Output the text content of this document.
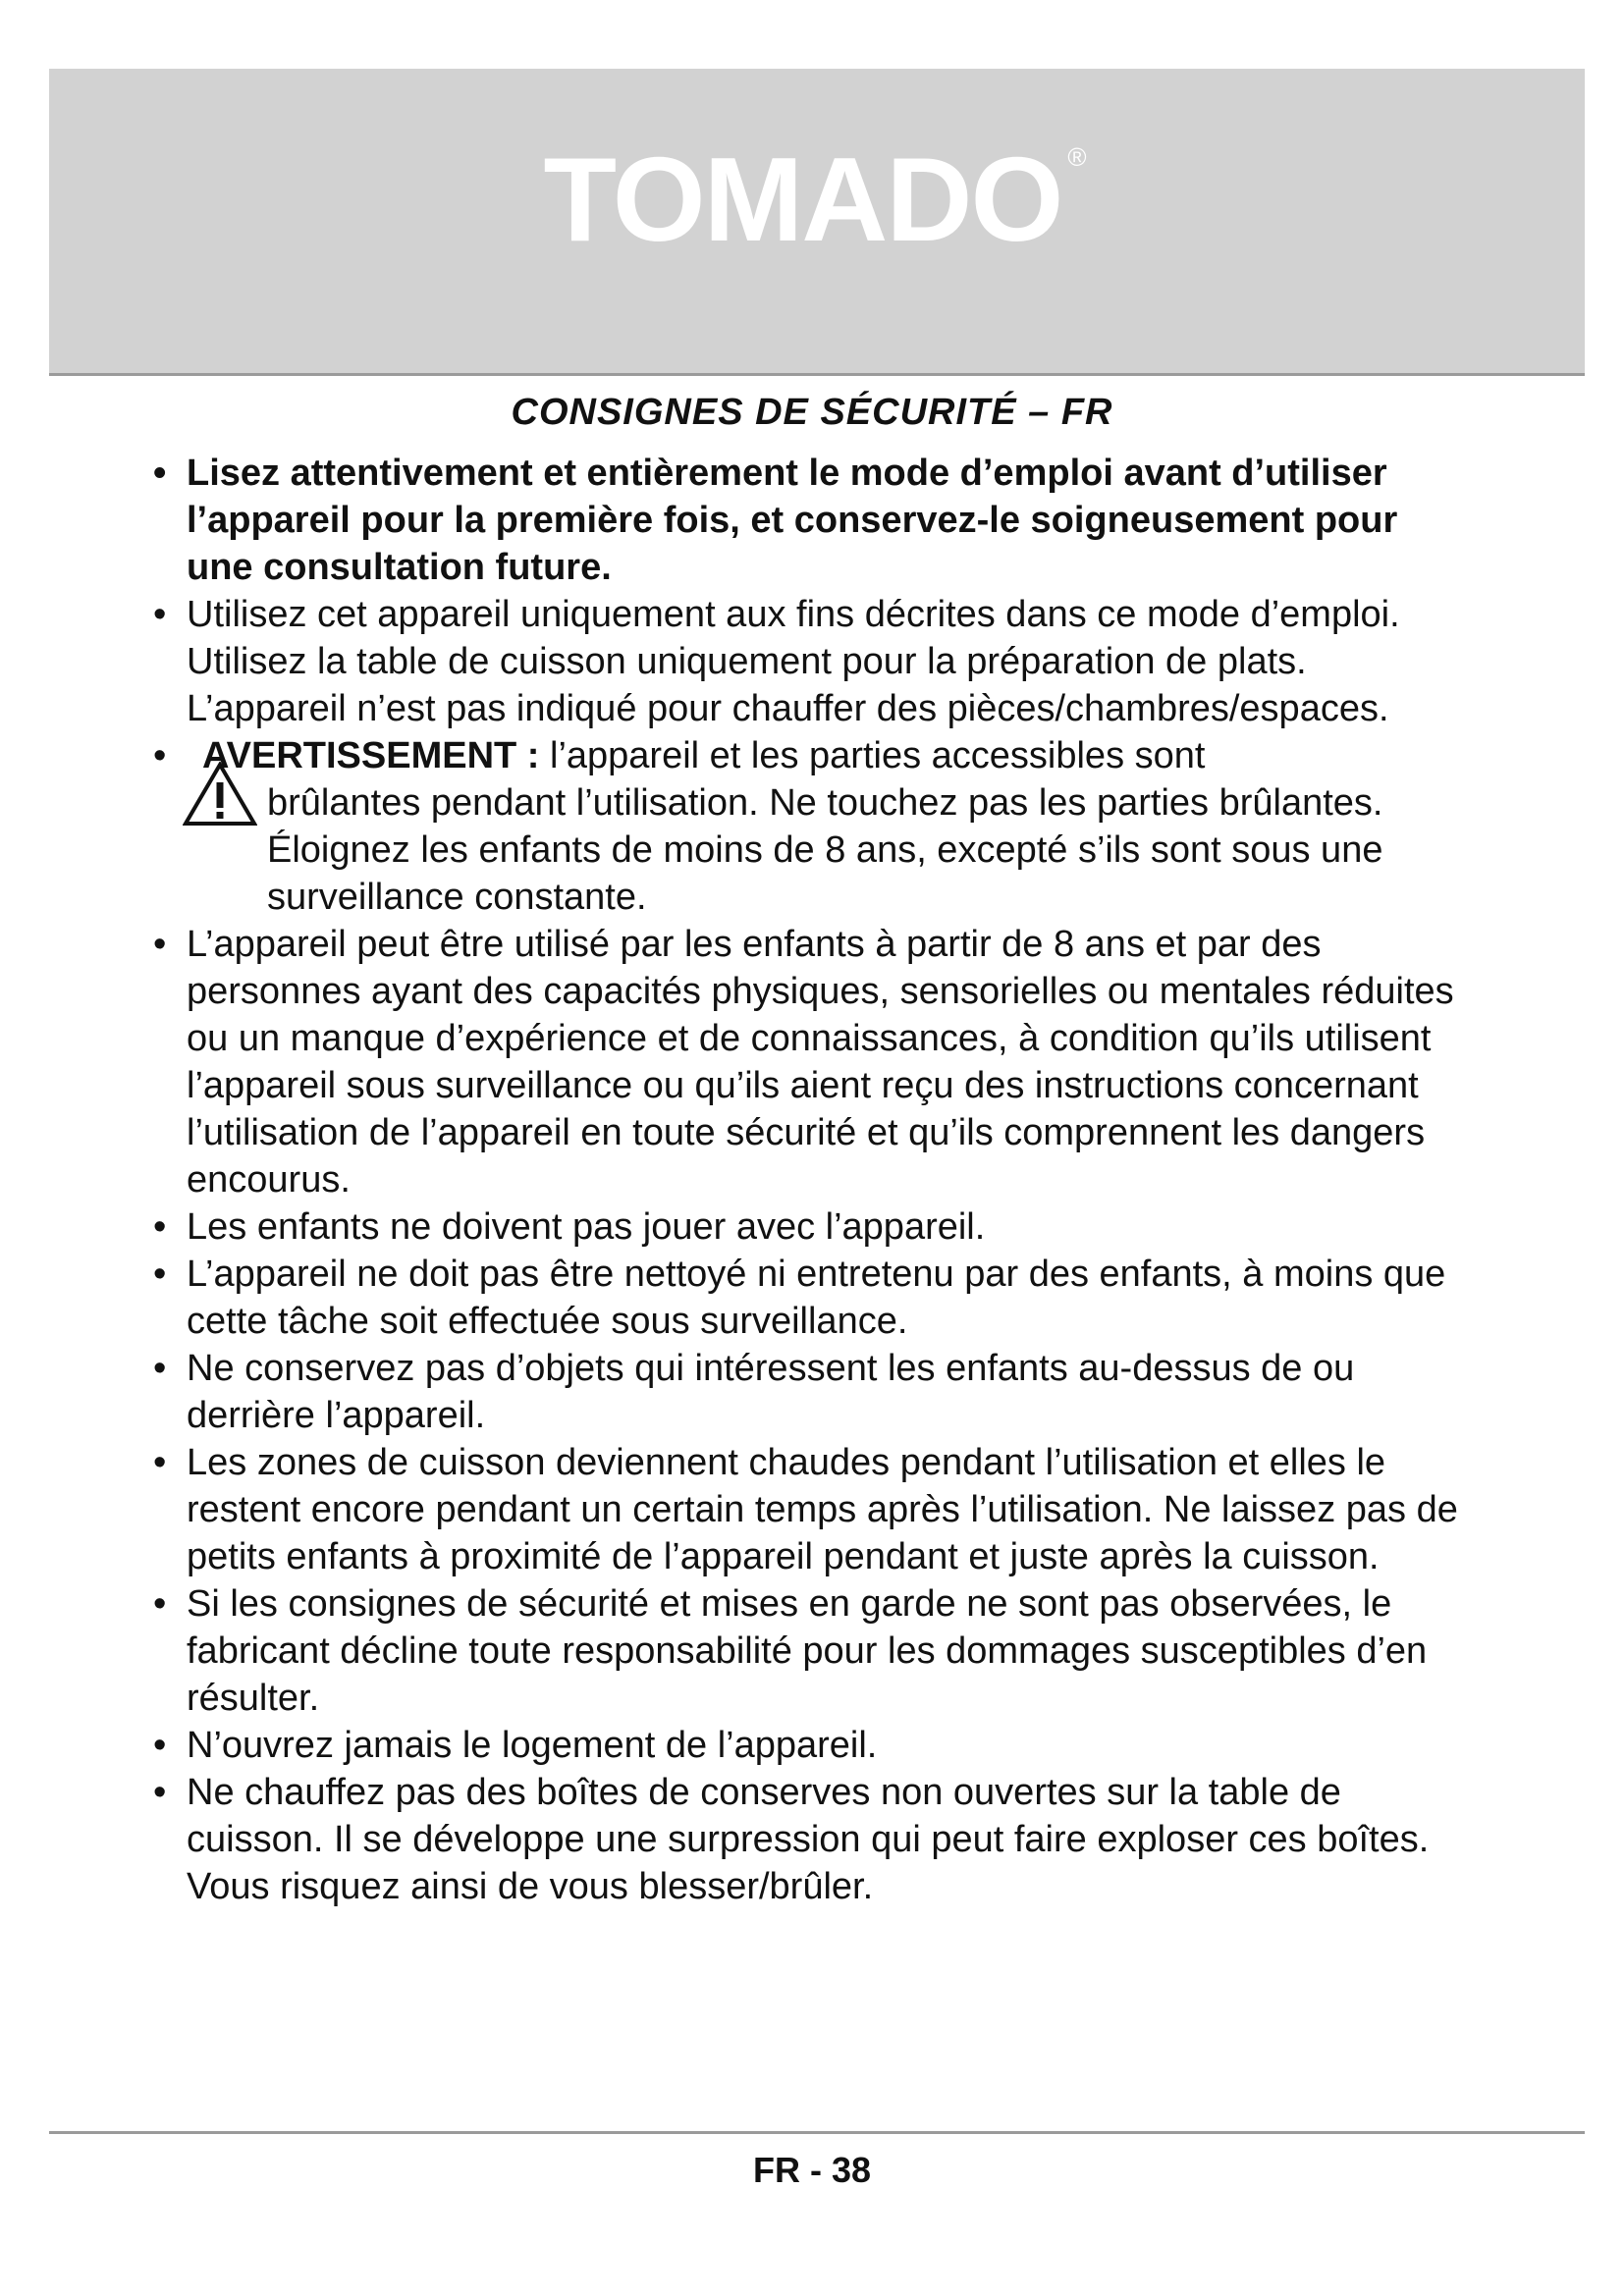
TOMADO ®
CONSIGNES DE SÉCURITÉ – FR
• Lisez attentivement et entièrement le mode d’emploi avant d’utiliser l’appareil pour la première fois, et conservez-le soigneusement pour une consultation future.
• Utilisez cet appareil uniquement aux fins décrites dans ce mode d’emploi. Utilisez la table de cuisson uniquement pour la préparation de plats. L’appareil n’est pas indiqué pour chauffer des pièces/chambres/espaces.
• AVERTISSEMENT : l’appareil et les parties accessibles sont
brûlantes pendant l’utilisation. Ne touchez pas les parties brûlantes. Éloignez les enfants de moins de 8 ans, excepté s’ils sont sous une surveillance constante.
• L’appareil peut être utilisé par les enfants à partir de 8 ans et par des personnes ayant des capacités physiques, sensorielles ou mentales réduites ou un manque d’expérience et de connaissances, à condition qu’ils utilisent l’appareil sous surveillance ou qu’ils aient reçu des instructions concernant l’utilisation de l’appareil en toute sécurité et qu’ils comprennent les dangers encourus.
• Les enfants ne doivent pas jouer avec l’appareil.
• L’appareil ne doit pas être nettoyé ni entretenu par des enfants, à moins que cette tâche soit effectuée sous surveillance.
• Ne conservez pas d’objets qui intéressent les enfants au-dessus de ou derrière l’appareil.
• Les zones de cuisson deviennent chaudes pendant l’utilisation et elles le restent encore pendant un certain temps après l’utilisation. Ne laissez pas de petits enfants à proximité de l’appareil pendant et juste après la cuisson.
• Si les consignes de sécurité et mises en garde ne sont pas observées, le fabricant décline toute responsabilité pour les dommages susceptibles d’en résulter.
• N’ouvrez jamais le logement de l’appareil.
• Ne chauffez pas des boîtes de conserves non ouvertes sur la table de cuisson. Il se développe une surpression qui peut faire exploser ces boîtes. Vous risquez ainsi de vous blesser/brûler.
FR - 38
